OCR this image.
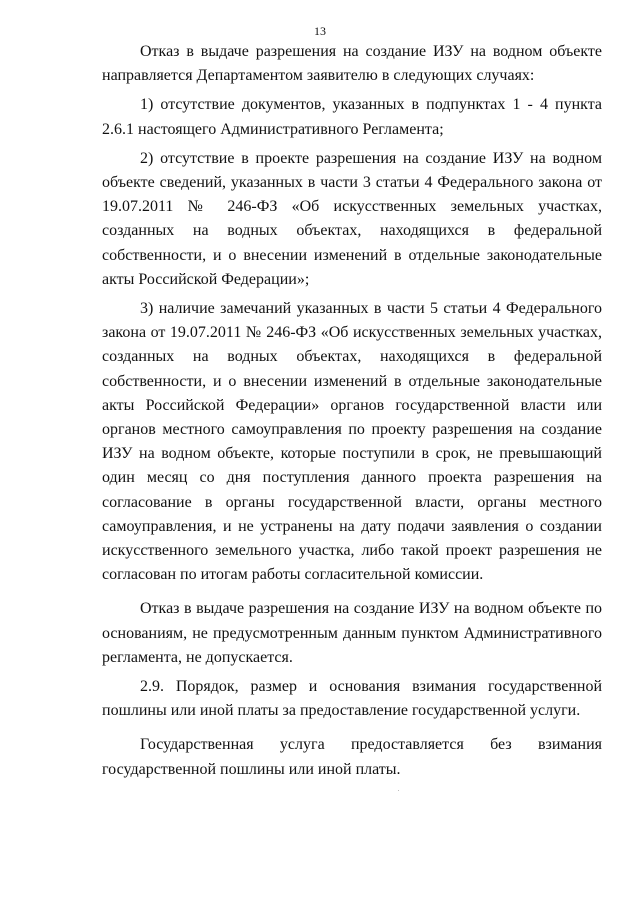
13

Отказ в выдаче разрешения на создание ИЗУ на водном объекте направляется Департаментом заявителю в следующих случаях:

1) отсутствие документов, указанных в подпунктах 1 - 4 пункта 2.6.1 настоящего Административного Регламента;

2) отсутствие в проекте разрешения на создание ИЗУ на водном объекте сведений, указанных в части 3 статьи 4 Федерального закона от 19.07.2011 № 246-ФЗ «Об искусственных земельных участках, созданных на водных объектах, находящихся в федеральной собственности, и о внесении изменений в отдельные законодательные акты Российской Федерации»;

3) наличие замечаний указанных в части 5 статьи 4 Федерального закона от 19.07.2011 № 246-ФЗ «Об искусственных земельных участках, созданных на водных объектах, находящихся в федеральной собственности, и о внесении изменений в отдельные законодательные акты Российской Федерации» органов государственной власти или органов местного самоуправления по проекту разрешения на создание ИЗУ на водном объекте, которые поступили в срок, не превышающий один месяц со дня поступления данного проекта разрешения на согласование в органы государственной власти, органы местного самоуправления, и не устранены на дату подачи заявления о создании искусственного земельного участка, либо такой проект разрешения не согласован по итогам работы согласительной комиссии.

Отказ в выдаче разрешения на создание ИЗУ на водном объекте по основаниям, не предусмотренным данным пунктом Административного регламента, не допускается.

2.9. Порядок, размер и основания взимания государственной пошлины или иной платы за предоставление государственной услуги.

Государственная услуга предоставляется без взимания

государственной пошлины или иной платы.
